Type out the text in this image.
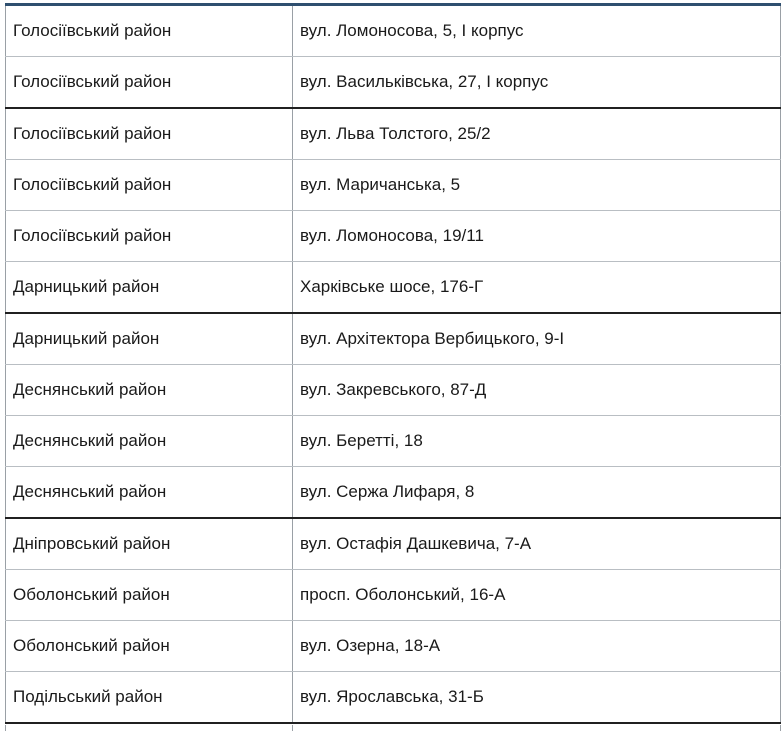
Голосіївський район	вул. Ломоносова, 5, І корпус
Голосіївський район	вул. Васильківська, 27, І корпус
Голосіївський район	вул. Льва Толстого, 25/2
Голосіївський район	вул. Маричанська, 5
Голосіївський район	вул. Ломоносова, 19/11
Дарницький район	Харківське шосе, 176-Г
Дарницький район	вул. Архітектора Вербицького, 9-І
Деснянський район	вул. Закревського, 87-Д
Деснянський район	вул. Беретті, 18
Деснянський район	вул. Сержа Лифаря, 8
Дніпровський район	вул. Остафія Дашкевича, 7-А
Оболонський район	просп. Оболонський, 16-А
Оболонський район	вул. Озерна, 18-А
Подільський район	вул. Ярославська, 31-Б
